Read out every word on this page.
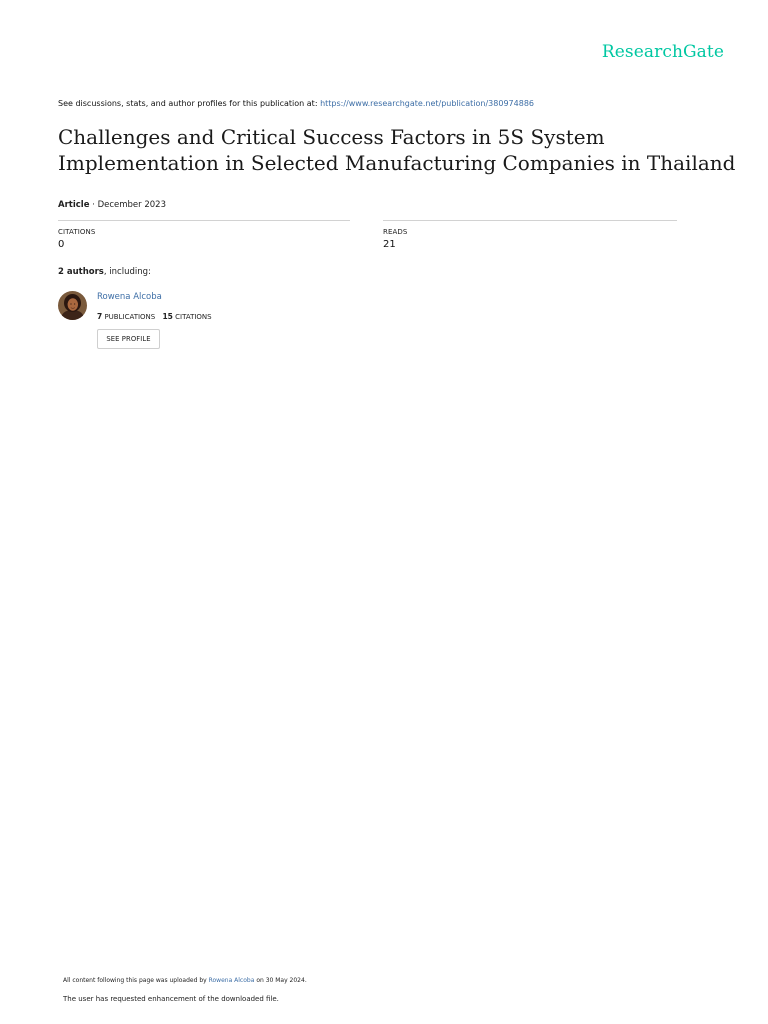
ResearchGate
See discussions, stats, and author profiles for this publication at: https://www.researchgate.net/publication/380974886
Challenges and Critical Success Factors in 5S System Implementation in Selected Manufacturing Companies in Thailand
Article · December 2023
CITATIONS
0
READS
21
2 authors, including:
Rowena Alcoba
7 PUBLICATIONS 15 CITATIONS
SEE PROFILE
All content following this page was uploaded by Rowena Alcoba on 30 May 2024.
The user has requested enhancement of the downloaded file.
